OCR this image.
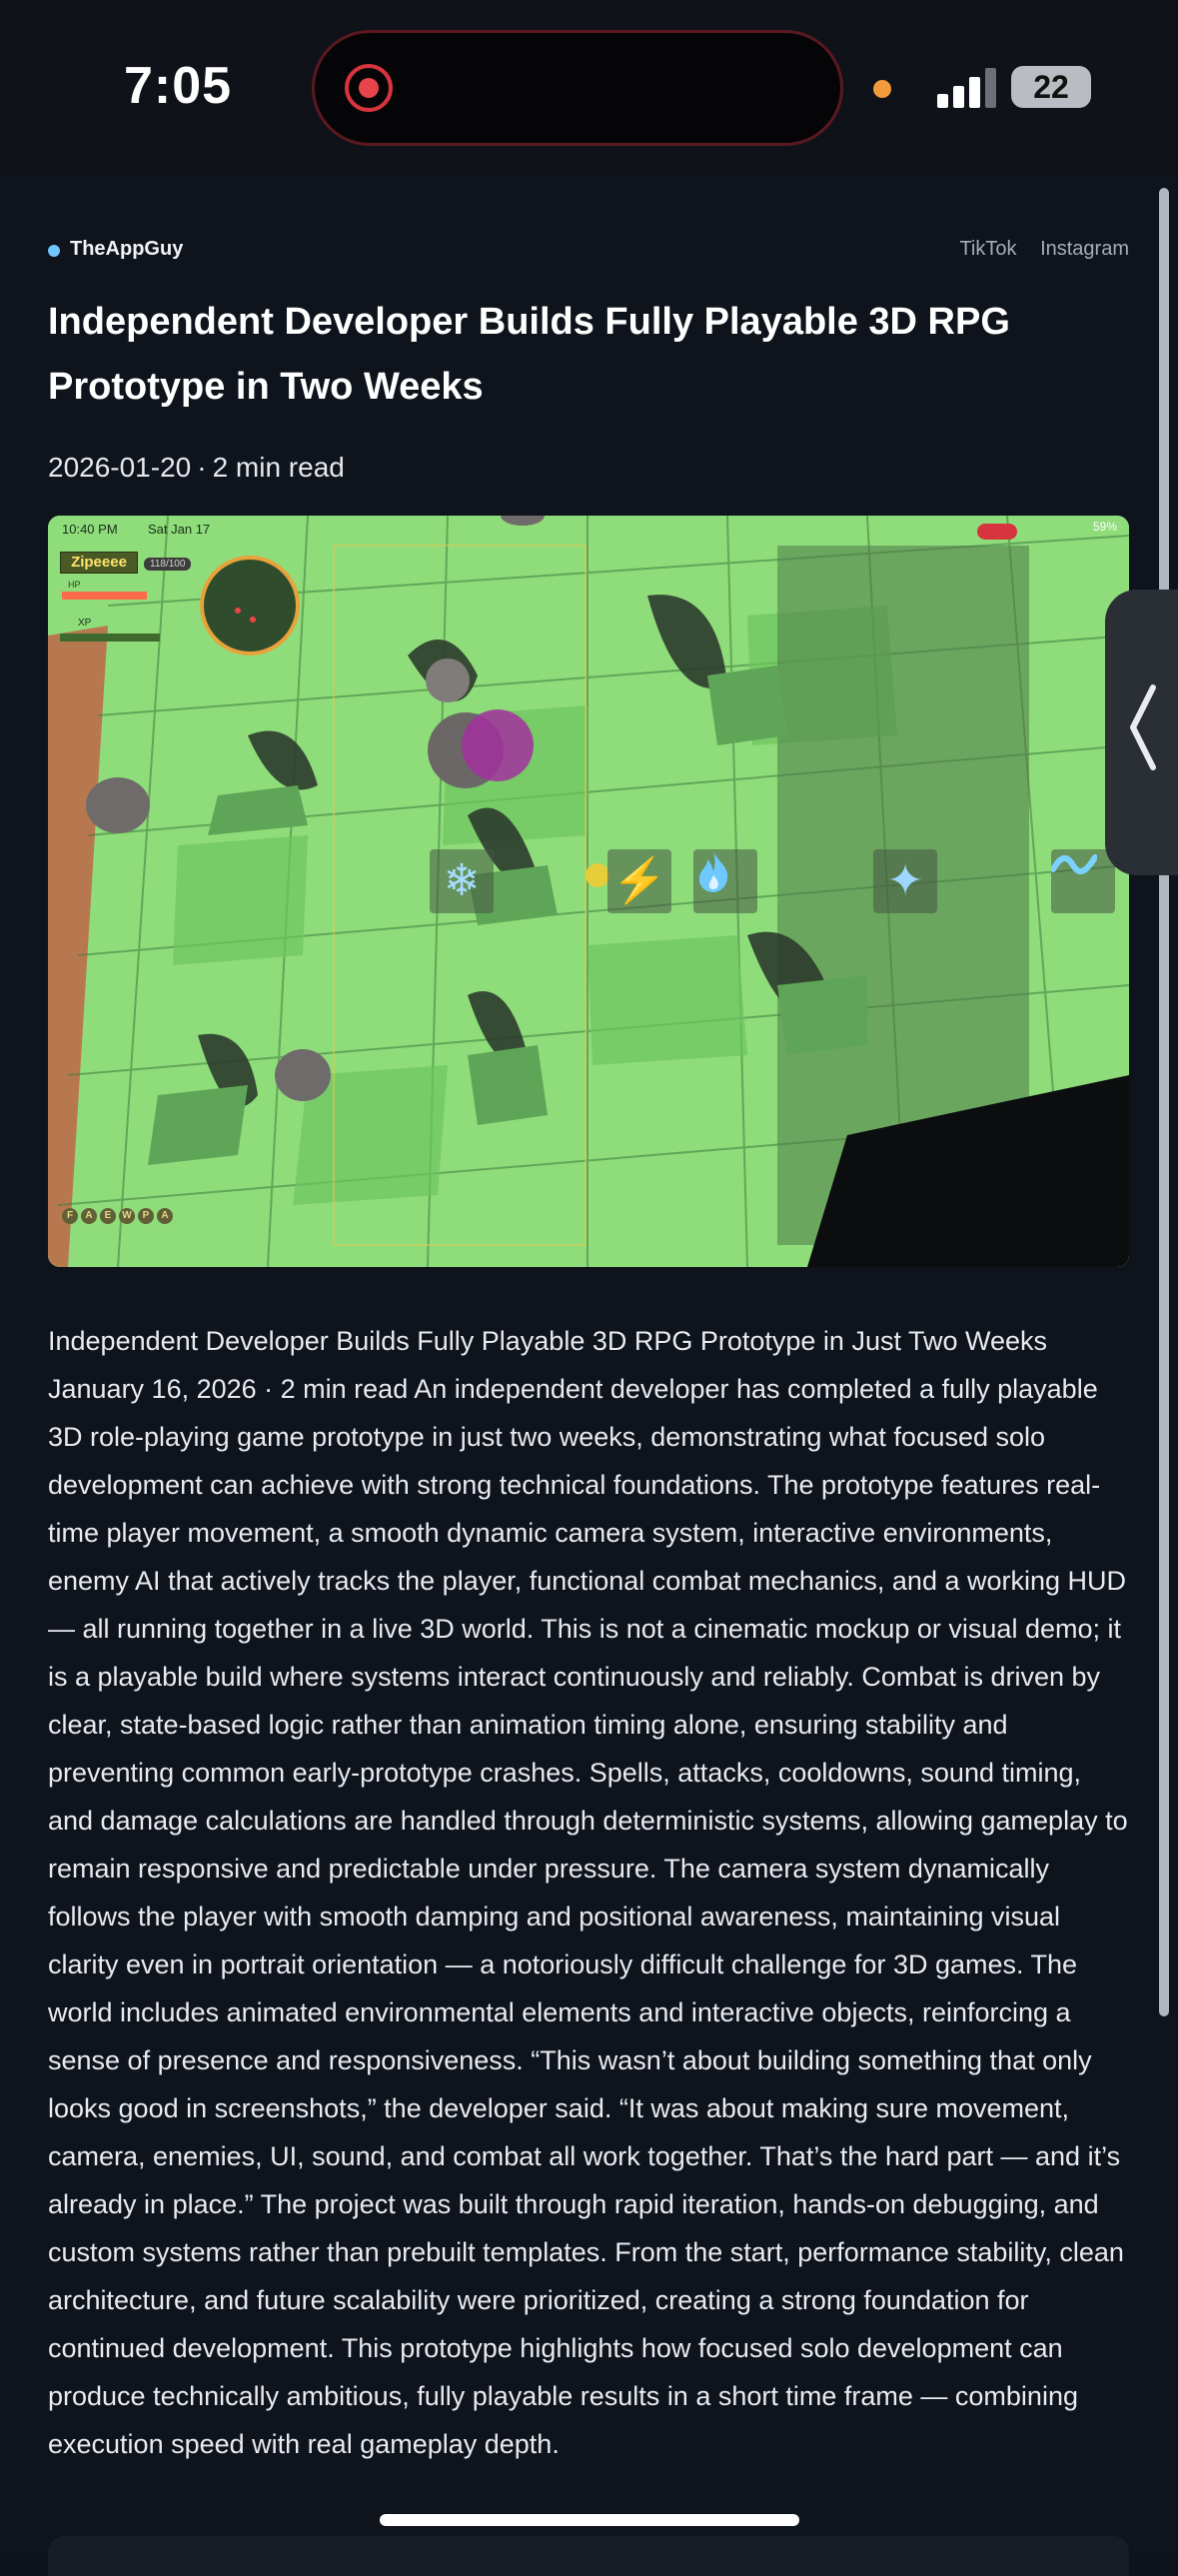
7:05	22
TheAppGuy	TikTok Instagram
Independent Developer Builds Fully Playable 3D RPG Prototype in Two Weeks
2026-01-20 · 2 min read
10:40 PM Sat Jan 17	59%
Zipeeee	118/100
HP
XP
❄	⚡	✦
F A E W P A
Independent Developer Builds Fully Playable 3D RPG Prototype in Just Two Weeks January 16, 2026 · 2 min read An independent developer has completed a fully playable 3D role-playing game prototype in just two weeks, demonstrating what focused solo development can achieve with strong technical foundations. The prototype features real-time player movement, a smooth dynamic camera system, interactive environments, enemy AI that actively tracks the player, functional combat mechanics, and a working HUD — all running together in a live 3D world. This is not a cinematic mockup or visual demo; it is a playable build where systems interact continuously and reliably. Combat is driven by clear, state-based logic rather than animation timing alone, ensuring stability and preventing common early-prototype crashes. Spells, attacks, cooldowns, sound timing, and damage calculations are handled through deterministic systems, allowing gameplay to remain responsive and predictable under pressure. The camera system dynamically follows the player with smooth damping and positional awareness, maintaining visual clarity even in portrait orientation — a notoriously difficult challenge for 3D games. The world includes animated environmental elements and interactive objects, reinforcing a sense of presence and responsiveness. “This wasn’t about building something that only looks good in screenshots,” the developer said. “It was about making sure movement, camera, enemies, UI, sound, and combat all work together. That’s the hard part — and it’s already in place.” The project was built through rapid iteration, hands-on debugging, and custom systems rather than prebuilt templates. From the start, performance stability, clean architecture, and future scalability were prioritized, creating a strong foundation for continued development. This prototype highlights how focused solo development can produce technically ambitious, fully playable results in a short time frame — combining execution speed with real gameplay depth.
